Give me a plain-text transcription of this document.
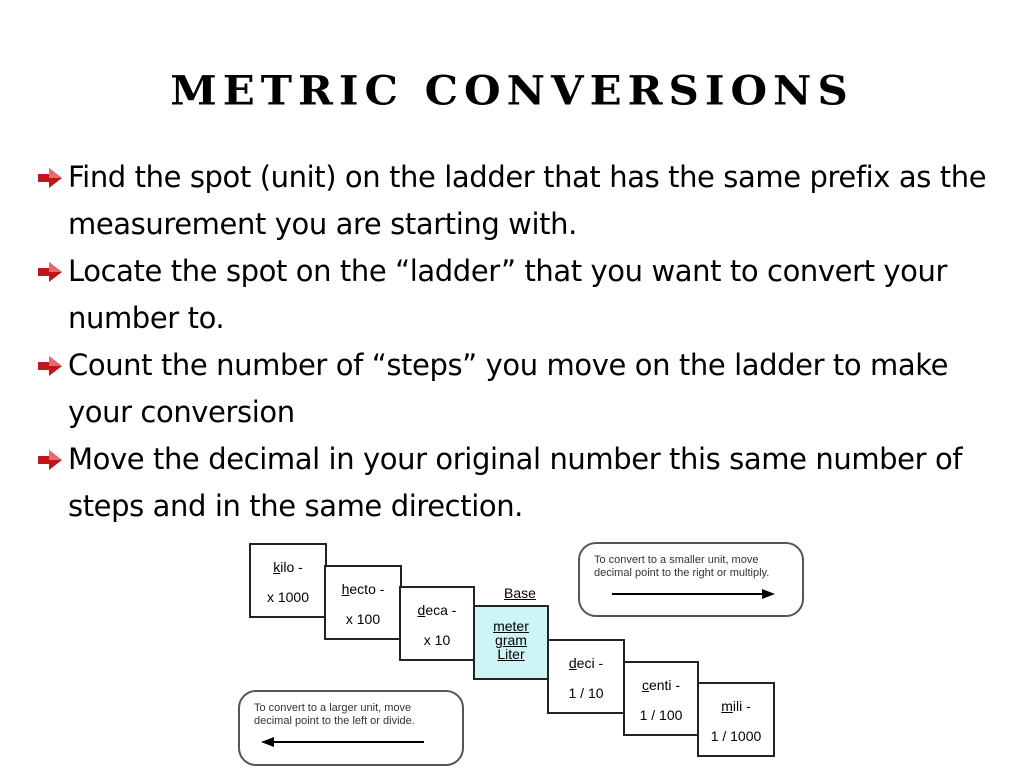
METRIC CONVERSIONS
Find the spot (unit) on the ladder that has the same prefix as the measurement you are starting with.
Locate the spot on the “ladder” that you want to convert your number to.
Count the number of “steps” you move on the ladder to make your conversion
Move the decimal in your original number this same number of steps and in the same direction.
kilo -
x 1000	hecto -
x 100
deca -
x 10
Base
meter
gram
Liter
deci -
1 / 10	centi -
1 / 100
mili -
1 / 1000
To convert to a smaller unit, move decimal point to the right or multiply.
To convert to a larger unit, move decimal point to the left or divide.
